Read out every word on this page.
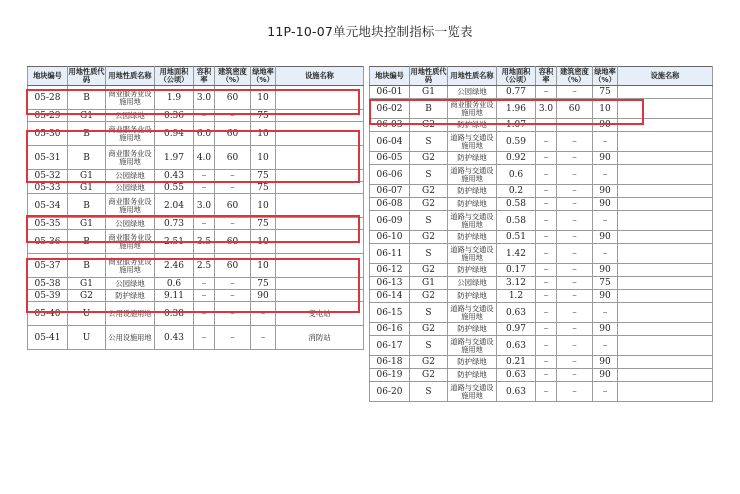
11P-10-07单元地块控制指标一览表
地块编号	用地性质代码	用地性质名称	用地面积（公顷）	容积率	建筑密度（%）	绿地率（%）	设施名称
05-28	B	商业服务业设施用地	1.9	3.0	60	10	
05-29	G1	公园绿地	0.36	–	–	75	
05-30	B	商业服务业设施用地	0.94	6.0	60	10	
05-31	B	商业服务业设施用地	1.97	4.0	60	10	
05-32	G1	公园绿地	0.43	–	–	75	
05-33	G1	公园绿地	0.55	–	–	75	
05-34	B	商业服务业设施用地	2.04	3.0	60	10	
05-35	G1	公园绿地	0.73	–	–	75	
05-36	B	商业服务业设施用地	2.51	3.5	60	10	
05-37	B	商业服务业设施用地	2.46	2.5	60	10	
05-38	G1	公园绿地	0.6	–	–	75	
05-39	G2	防护绿地	9.11	–	–	90	
05-40	U	公用设施用地	0.38	–	–	–	变电站
05-41	U	公用设施用地	0.43	–	–	–	消防站
地块编号	用地性质代码	用地性质名称	用地面积（公顷）	容积率	建筑密度（%）	绿地率（%）	设施名称
06-01	G1	公园绿地	0.77	–	–	75	
06-02	B	商业服务业设施用地	1.96	3.0	60	10	
06-03	G2	防护绿地	1.07	–	–	90	
06-04	S	道路与交通设施用地	0.59	–	–	–	
06-05	G2	防护绿地	0.92	–	–	90	
06-06	S	道路与交通设施用地	0.6	–	–	–	
06-07	G2	防护绿地	0.2	–	–	90	
06-08	G2	防护绿地	0.58	–	–	90	
06-09	S	道路与交通设施用地	0.58	–	–	–	
06-10	G2	防护绿地	0.51	–	–	90	
06-11	S	道路与交通设施用地	1.42	–	–	–	
06-12	G2	防护绿地	0.17	–	–	90	
06-13	G1	公园绿地	3.12	–	–	75	
06-14	G2	防护绿地	1.2	–	–	90	
06-15	S	道路与交通设施用地	0.63	–	–	–	
06-16	G2	防护绿地	0.97	–	–	90	
06-17	S	道路与交通设施用地	0.63	–	–	–	
06-18	G2	防护绿地	0.21	–	–	90	
06-19	G2	防护绿地	0.63	–	–	90	
06-20	S	道路与交通设施用地	0.63	–	–	–	
